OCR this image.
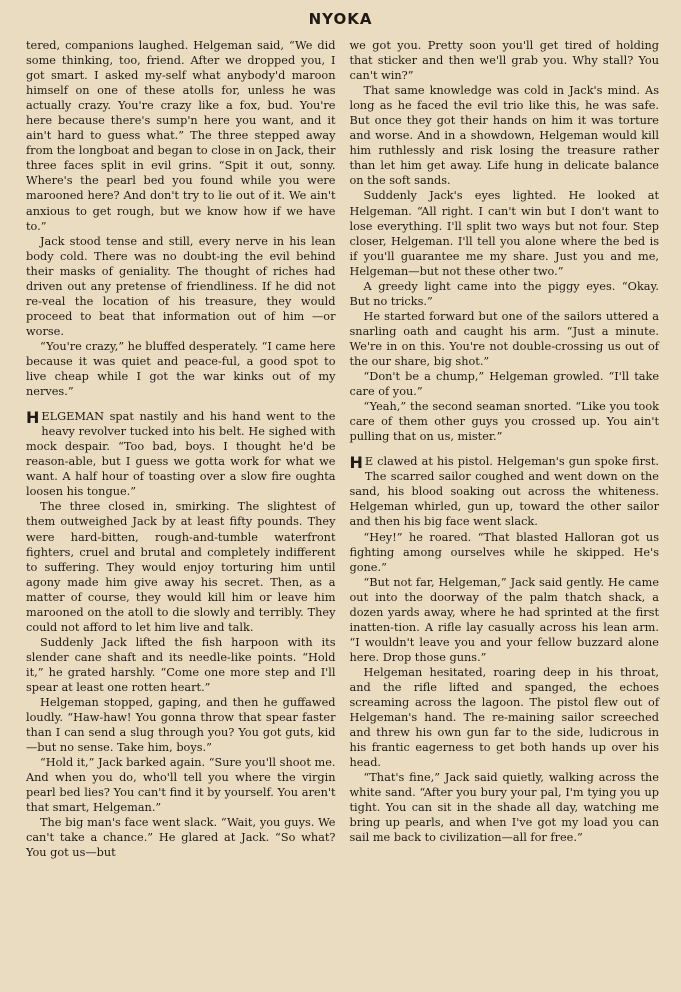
NYOKA

tered, companions laughed. Helgeman said, “We did some thinking, too, friend. After we dropped you, I got smart. I asked my-self what anybody'd maroon himself on one of these atolls for, unless he was actually crazy. You're crazy like a fox, bud. You're here because there's sump'n here you want, and it ain't hard to guess what.” The three stepped away from the longboat and began to close in on Jack, their three faces split in evil grins. “Spit it out, sonny. Where's the pearl bed you found while you were marooned here? And don't try to lie out of it. We ain't anxious to get rough, but we know how if we have to.”

Jack stood tense and still, every nerve in his lean body cold. There was no doubt-ing the evil behind their masks of geniality. The thought of riches had driven out any pretense of friendliness. If he did not re-veal the location of his treasure, they would proceed to beat that information out of him —or worse.

“You're crazy,” he bluffed desperately. “I came here because it was quiet and peace-ful, a good spot to live cheap while I got the war kinks out of my nerves.”

H ELGEMAN spat nastily and his hand went to the heavy revolver tucked into his belt. He sighed with mock despair. “Too bad, boys. I thought he'd be reason-able, but I guess we gotta work for what we want. A half hour of toasting over a slow fire oughta loosen his tongue.”

The three closed in, smirking. The slightest of them outweighed Jack by at least fifty pounds. They were hard-bitten, rough-and-tumble waterfront fighters, cruel and brutal and completely indifferent to suffering. They would enjoy torturing him until agony made him give away his secret. Then, as a matter of course, they would kill him or leave him marooned on the atoll to die slowly and terribly. They could not afford to let him live and talk.

Suddenly Jack lifted the fish harpoon with its slender cane shaft and its needle-like points. “Hold it,” he grated harshly. “Come one more step and I'll spear at least one rotten heart.”

Helgeman stopped, gaping, and then he guffawed loudly. “Haw-haw! You gonna throw that spear faster than I can send a slug through you? You got guts, kid—but no sense. Take him, boys.”

“Hold it,” Jack barked again. “Sure you'll shoot me. And when you do, who'll tell you where the virgin pearl bed lies? You can't find it by yourself. You aren't that smart, Helgeman.”

The big man's face went slack. “Wait, you guys. We can't take a chance.” He glared at Jack. “So what? You got us—but

we got you. Pretty soon you'll get tired of holding that sticker and then we'll grab you. Why stall? You can't win?”

That same knowledge was cold in Jack's mind. As long as he faced the evil trio like this, he was safe. But once they got their hands on him it was torture and worse. And in a showdown, Helgeman would kill him ruthlessly and risk losing the treasure rather than let him get away. Life hung in delicate balance on the soft sands.

Suddenly Jack's eyes lighted. He looked at Helgeman. “All right. I can't win but I don't want to lose everything. I'll split two ways but not four. Step closer, Helgeman. I'll tell you alone where the bed is if you'll guarantee me my share. Just you and me, Helgeman—but not these other two.”

A greedy light came into the piggy eyes. “Okay. But no tricks.”

He started forward but one of the sailors uttered a snarling oath and caught his arm. “Just a minute. We're in on this. You're not double-crossing us out of the our share, big shot.”

“Don't be a chump,” Helgeman growled. “I'll take care of you.”

“Yeah,” the second seaman snorted. “Like you took care of them other guys you crossed up. You ain't pulling that on us, mister.”

H E clawed at his pistol. Helgeman's gun spoke first. The scarred sailor coughed and went down on the sand, his blood soaking out across the whiteness. Helgeman whirled, gun up, toward the other sailor and then his big face went slack.

“Hey!” he roared. “That blasted Halloran got us fighting among ourselves while he skipped. He's gone.”

“But not far, Helgeman,” Jack said gently. He came out into the doorway of the palm thatch shack, a dozen yards away, where he had sprinted at the first inatten-tion. A rifle lay casually across his lean arm. “I wouldn't leave you and your fellow buzzard alone here. Drop those guns.”

Helgeman hesitated, roaring deep in his throat, and the rifle lifted and spanged, the echoes screaming across the lagoon. The pistol flew out of Helgeman's hand. The re-maining sailor screeched and threw his own gun far to the side, ludicrous in his frantic eagerness to get both hands up over his head.

“That's fine,” Jack said quietly, walking across the white sand. “After you bury your pal, I'm tying you up tight. You can sit in the shade all day, watching me bring up pearls, and when I've got my load you can sail me back to civilization—all for free.”
